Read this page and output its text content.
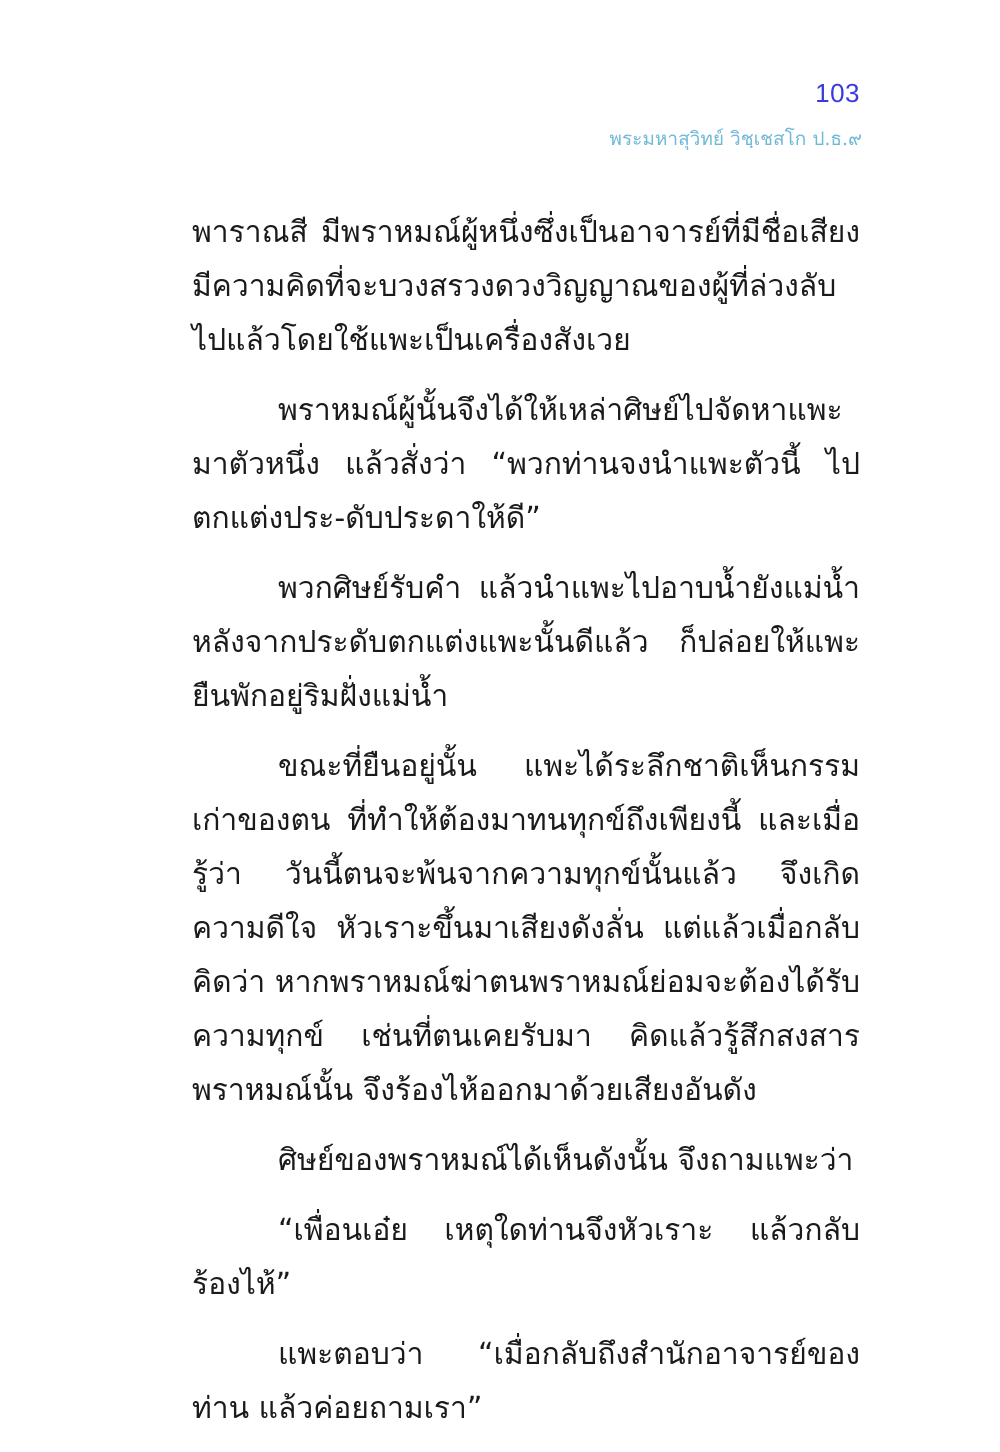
103
พระมหาสุวิทย์ วิชฺเชสโก ป.ธ.๙

พาราณสี มีพราหมณ์ผู้หนึ่งซึ่งเป็นอาจารย์ที่มีชื่อเสียง มีความคิดที่จะบวงสรวงดวงวิญญาณของผู้ที่ล่วงลับไปแล้วโดยใช้แพะเป็นเครื่องสังเวย

พราหมณ์ผู้นั้นจึงได้ให้เหล่าศิษย์ไปจัดหาแพะมาตัวหนึ่ง แล้วสั่งว่า “พวกท่านจงนำแพะตัวนี้ ไปตกแต่งประ-ดับประดาให้ดี”

พวกศิษย์รับคำ แล้วนำแพะไปอาบน้ำยังแม่น้ำ หลังจากประดับตกแต่งแพะนั้นดีแล้ว ก็ปล่อยให้แพะยืนพักอยู่ริมฝั่งแม่น้ำ

ขณะที่ยืนอยู่นั้น แพะได้ระลึกชาติเห็นกรรมเก่าของตน ที่ทำให้ต้องมาทนทุกข์ถึงเพียงนี้ และเมื่อรู้ว่า วันนี้ตนจะพ้นจากความทุกข์นั้นแล้ว จึงเกิดความดีใจ หัวเราะขึ้นมาเสียงดังลั่น แต่แล้วเมื่อกลับคิดว่า หากพราหมณ์ฆ่าตนพราหมณ์ย่อมจะต้องได้รับความทุกข์ เช่นที่ตนเคยรับมา คิดแล้วรู้สึกสงสารพราหมณ์นั้น จึงร้องไห้ออกมาด้วยเสียงอันดัง

ศิษย์ของพราหมณ์ได้เห็นดังนั้น จึงถามแพะว่า

“เพื่อนเอ๋ย เหตุใดท่านจึงหัวเราะ แล้วกลับร้องไห้”

แพะตอบว่า “เมื่อกลับถึงสำนักอาจารย์ของท่าน แล้วค่อยถามเรา”
